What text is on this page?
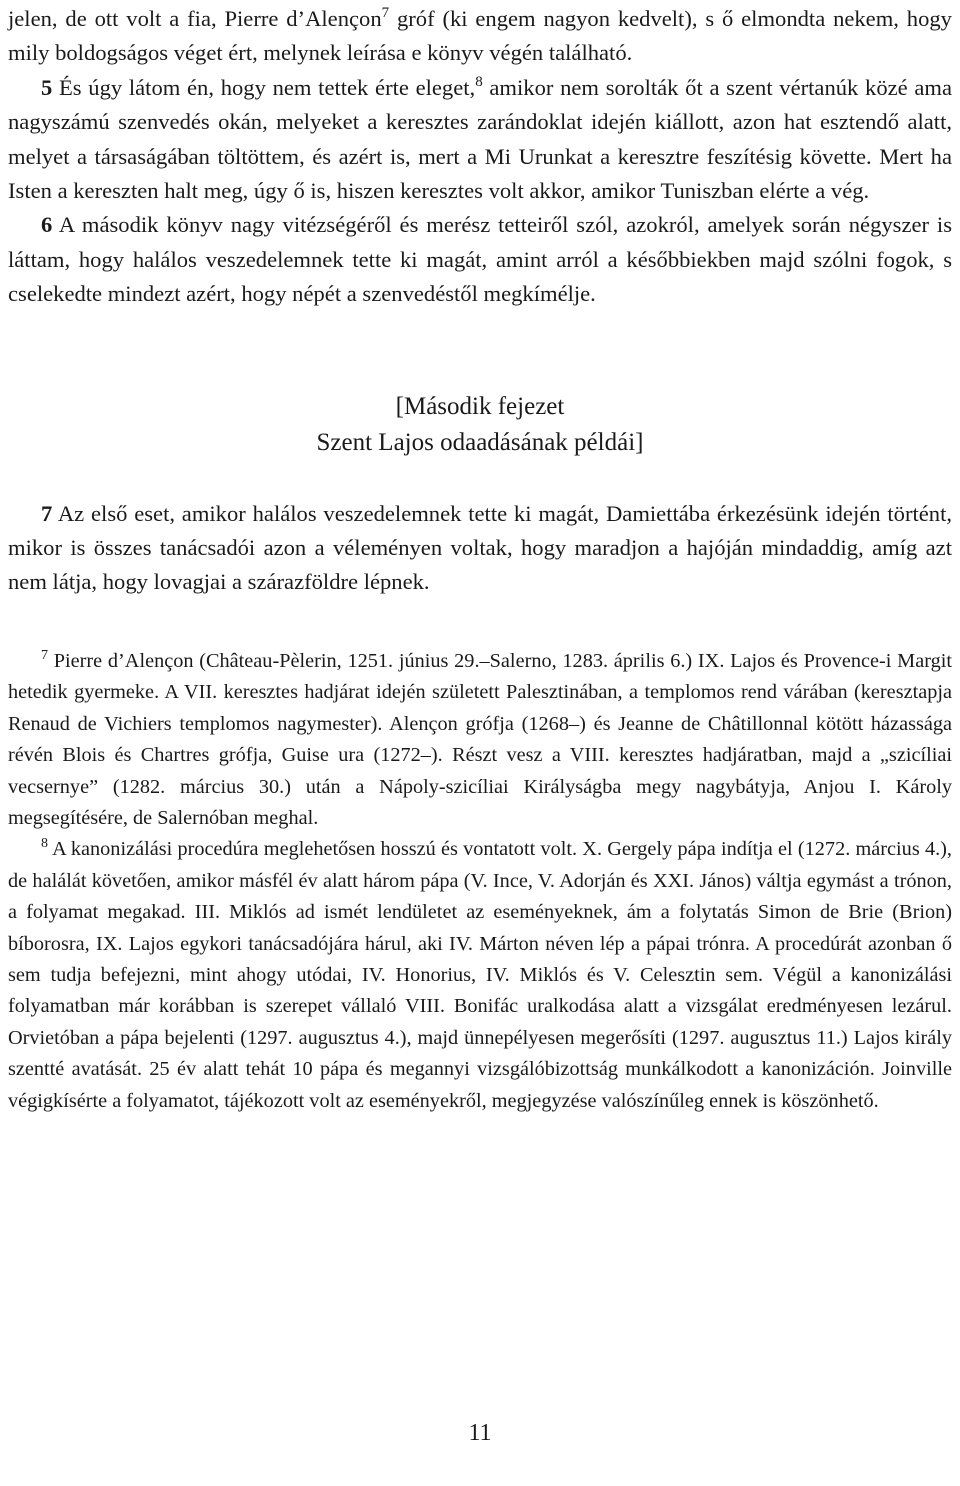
jelen, de ott volt a fia, Pierre d’Alençon$^7$ gróf (ki engem nagyon kedvelt), s ő elmondta nekem, hogy mily boldogságos véget ért, melynek leírása e könyv végén található.

5 És úgy látom én, hogy nem tettek érte eleget,$^8$ amikor nem sorolták őt a szent vértanúk közé ama nagyszámú szenvedés okán, melyeket a keresztes zarándoklat idején kiállott, azon hat esztendő alatt, melyet a társaságában töltöttem, és azért is, mert a Mi Urunkat a keresztre feszítésig követte. Mert ha Isten a kereszten halt meg, úgy ő is, hiszen keresztes volt akkor, amikor Tuniszban elérte a vég.

6 A második könyv nagy vitézségéről és merész tetteiről szól, azokról, amelyek során négyszer is láttam, hogy halálos veszedelemnek tette ki magát, amint arról a későbbiekben majd szólni fogok, s cselekedte mindezt azért, hogy népét a szenvedéstől megkímélje.

[Második fejezet
Szent Lajos odaadásának példái]

7 Az első eset, amikor halálos veszedelemnek tette ki magát, Damiettába érkezésünk idején történt, mikor is összes tanácsadói azon a véleményen voltak, hogy maradjon a hajóján mindaddig, amíg azt nem látja, hogy lovagjai a szárazföldre lépnek.

$^7$ Pierre d’Alençon (Château-Pèlerin, 1251. június 29.–Salerno, 1283. április 6.) IX. Lajos és Provence-i Margit hetedik gyermeke. A VII. keresztes hadjárat idején született Palesztinában, a templomos rend várában (keresztapja Renaud de Vichiers templomos nagymester). Alençon grófja (1268–) és Jeanne de Châtillonnal kötött házassága révén Blois és Chartres grófja, Guise ura (1272–). Részt vesz a VIII. keresztes hadjáratban, majd a „szicíliai vecsernye” (1282. március 30.) után a Nápoly-szicíliai Királyságba megy nagybátyja, Anjou I. Károly megsegítésére, de Salernóban meghal.

$^8$ A kanonizálási procedúra meglehetősen hosszú és vontatott volt. X. Gergely pápa indítja el (1272. március 4.), de halálát követően, amikor másfél év alatt három pápa (V. Ince, V. Adorján és XXI. János) váltja egymást a trónon, a folyamat megakad. III. Miklós ad ismét lendületet az eseményeknek, ám a folytatás Simon de Brie (Brion) bíborosra, IX. Lajos egykori tanácsadójára hárul, aki IV. Márton néven lép a pápai trónra. A procedúrát azonban ő sem tudja befejezni, mint ahogy utódai, IV. Honorius, IV. Miklós és V. Celesztin sem. Végül a kanonizálási folyamatban már korábban is szerepet vállaló VIII. Bonifác uralkodása alatt a vizsgálat eredményesen lezárul. Orvietóban a pápa bejelenti (1297. augusztus 4.), majd ünnepélyesen megerősíti (1297. augusztus 11.) Lajos király szentté avatását. 25 év alatt tehát 10 pápa és megannyi vizsgálóbizottság munkálkodott a kanonizáción. Joinville végigkísérte a folyamatot, tájékozott volt az eseményekről, megjegyzése valószínűleg ennek is köszönhető.

11
